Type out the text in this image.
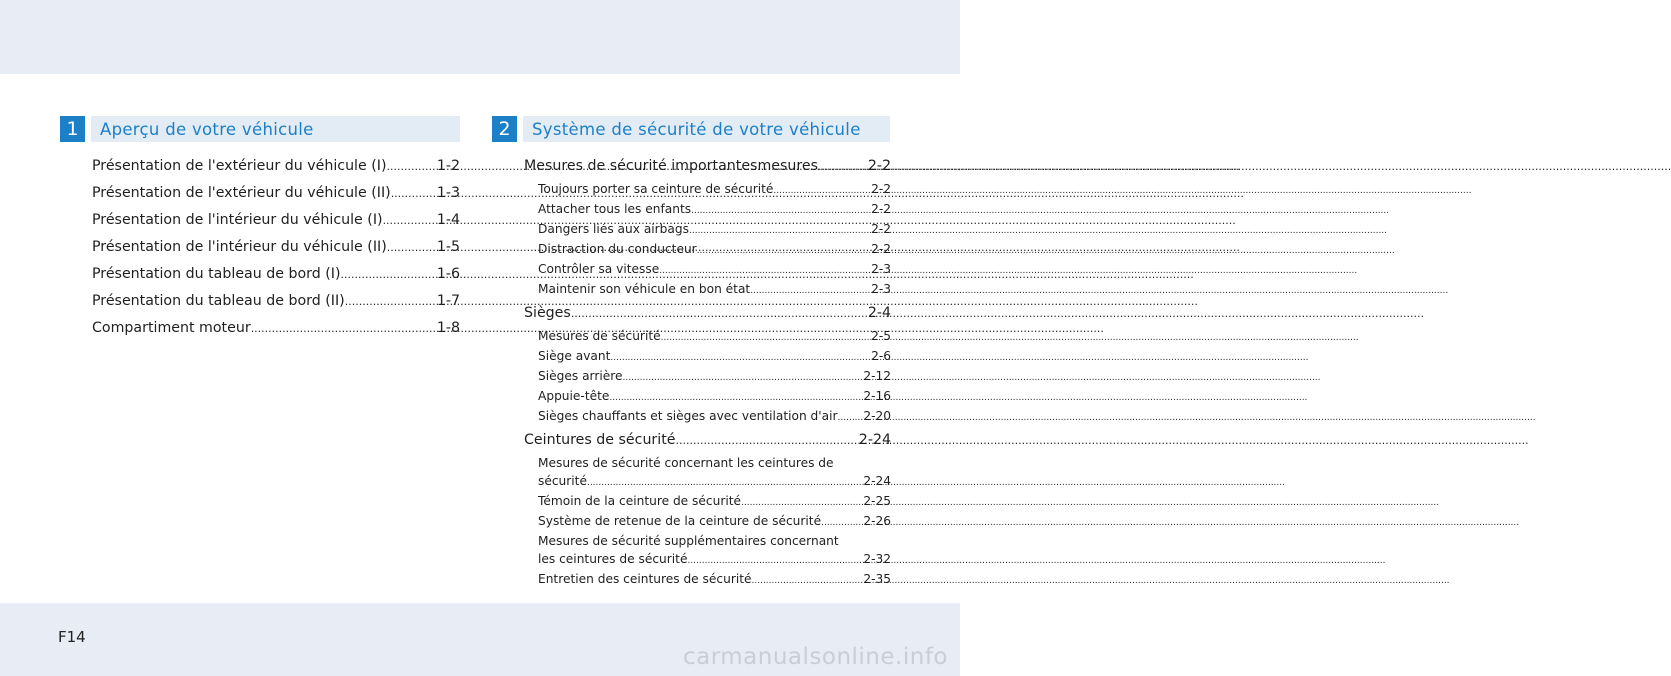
1	Aperçu de votre véhicule
Présentation de l'extérieur du véhicule (I) .....	1-2
Présentation de l'extérieur du véhicule (II) .....	1-3
Présentation de l'intérieur du véhicule (I) .....	1-4
Présentation de l'intérieur du véhicule (II) .....	1-5
Présentation du tableau de bord (I) .....	1-6
Présentation du tableau de bord (II) .....	1-7
Compartiment moteur .....	1-8
2	Système de sécurité de votre véhicule
Mesures de sécurité importantesmesures .....	2-2
Toujours porter sa ceinture de sécurité .....	2-2
Attacher tous les enfants .....	2-2
Dangers liés aux airbags .....	2-2
Distraction du conducteur .....	2-2
Contrôler sa vitesse .....	2-3
Maintenir son véhicule en bon état .....	2-3
Sièges .....	2-4
Mesures de sécurité .....	2-5
Siège avant .....	2-6
Sièges arrière .....	2-12
Appuie-tête .....	2-16
Sièges chauffants et sièges avec ventilation d'air ..... 2-20
Ceintures de sécurité .....	2-24
Mesures de sécurité concernant les ceintures de
sécurité .....	2-24
Témoin de la ceinture de sécurité .....	2-25
Système de retenue de la ceinture de sécurité .....	2-26
Mesures de sécurité supplémentaires concernant
les ceintures de sécurité .....	2-32
Entretien des ceintures de sécurité .....	2-35
F14
carmanualsonline.info
